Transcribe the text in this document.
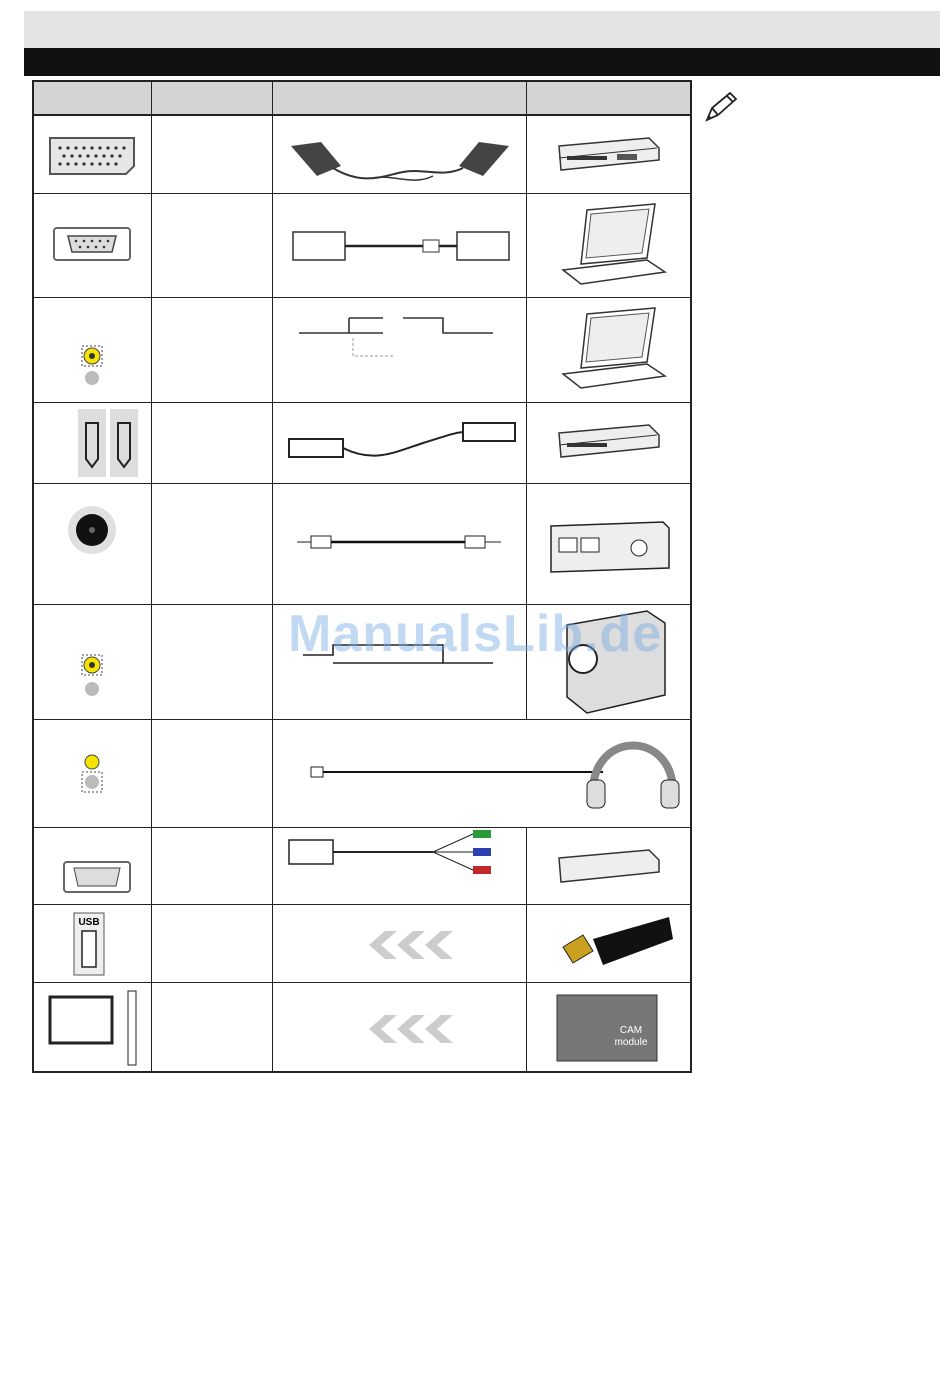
USB
CAM
module
ManualsLib.de
